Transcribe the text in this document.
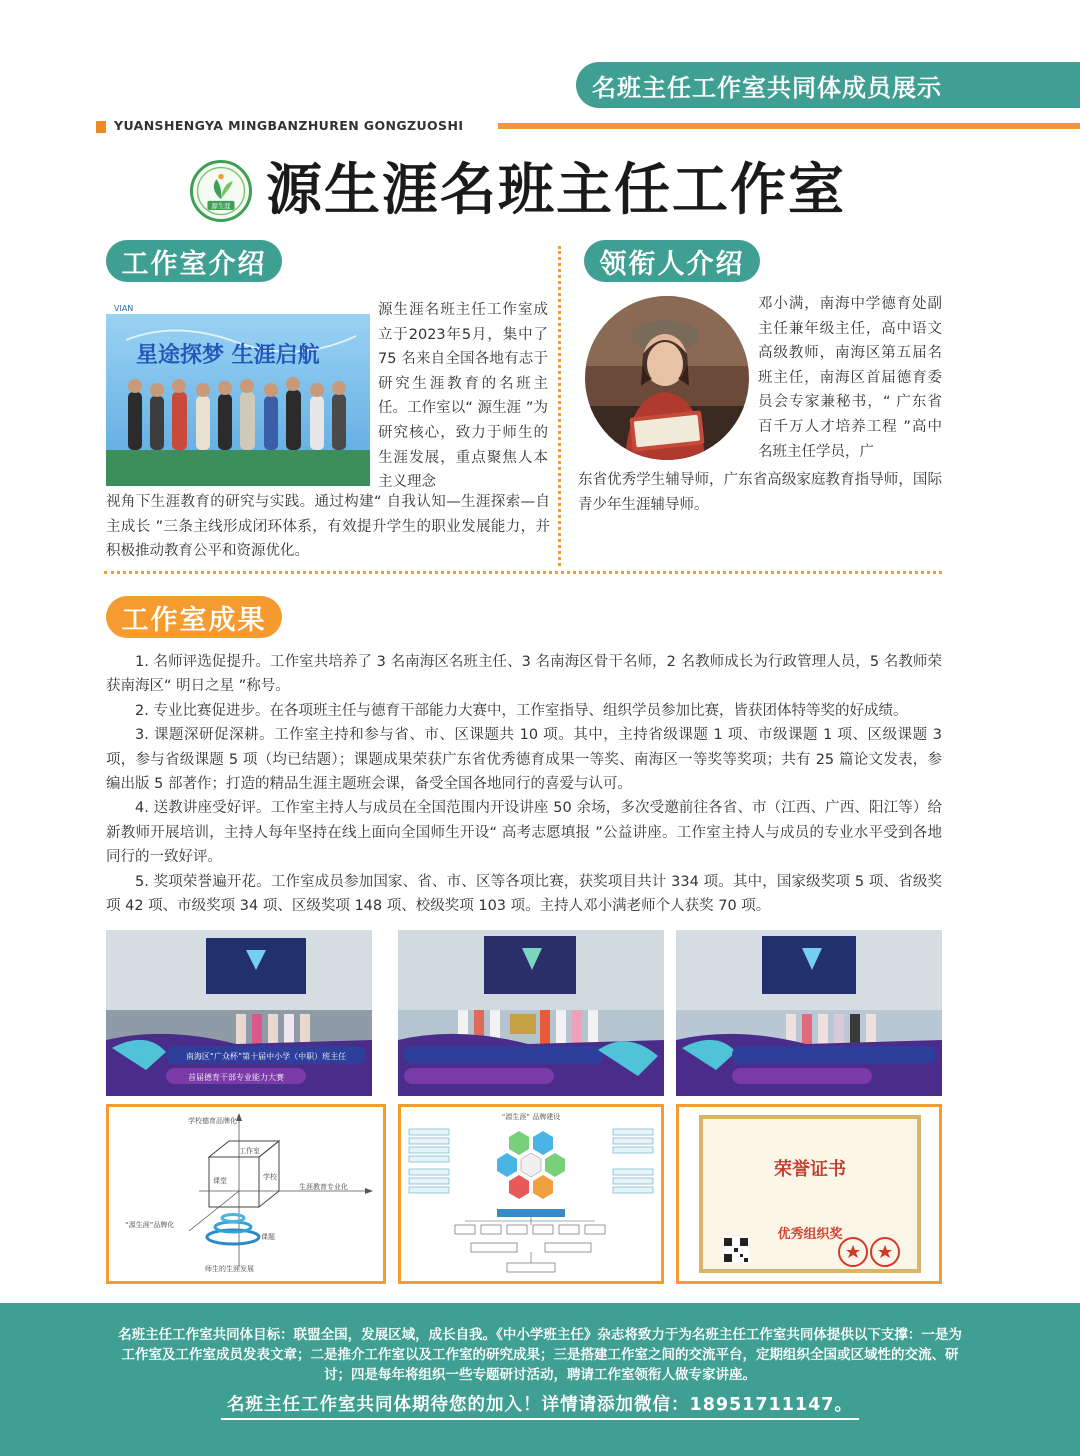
名班主任工作室共同体成员展示
YUANSHENGYA MINGBANZHUREN GONGZUOSHI
源生涯 源生涯名班主任工作室
工作室介绍
VIAN
星途探梦 生涯启航
源生涯名班主任工作室成立于2023年5月，集中了 75 名来自全国各地有志于研究生涯教育的名班主任。工作室以“ 源生涯 ”为研究核心，致力于师生的生涯发展，重点聚焦人本主义理念
视角下生涯教育的研究与实践。通过构建“ 自我认知—生涯探索—自主成长 ”三条主线形成闭环体系，有效提升学生的职业发展能力，并积极推动教育公平和资源优化。
领衔人介绍
邓小满，南海中学德育处副主任兼年级主任，高中语文高级教师，南海区第五届名班主任，南海区首届德育委员会专家兼秘书，“ 广东省百千万人才培养工程 ”高中名班主任学员，广
东省优秀学生辅导师，广东省高级家庭教育指导师，国际青少年生涯辅导师。
工作室成果

1. 名师评选促提升。工作室共培养了 3 名南海区名班主任、3 名南海区骨干名师，2 名教师成长为行政管理人员，5 名教师荣获南海区“ 明日之星 ”称号。

2. 专业比赛促进步。在各项班主任与德育干部能力大赛中，工作室指导、组织学员参加比赛，皆获团体特等奖的好成绩。

3. 课题深研促深耕。工作室主持和参与省、市、区课题共 10 项。其中，主持省级课题 1 项、市级课题 1 项、区级课题 3 项，参与省级课题 5 项（均已结题）；课题成果荣获广东省优秀德育成果一等奖、南海区一等奖等奖项；共有 25 篇论文发表，参编出版 5 部著作；打造的精品生涯主题班会课，备受全国各地同行的喜爱与认可。

4. 送教讲座受好评。工作室主持人与成员在全国范围内开设讲座 50 余场，多次受邀前往各省、市（江西、广西、阳江等）给新教师开展培训，主持人每年坚持在线上面向全国师生开设“ 高考志愿填报 ”公益讲座。工作室主持人与成员的专业水平受到各地同行的一致好评。

5. 奖项荣誉遍开花。工作室成员参加国家、省、市、区等各项比赛，获奖项目共计 334 项。其中，国家级奖项 5 项、省级奖项 42 项、市级奖项 34 项、区级奖项 148 项、校级奖项 103 项。主持人邓小满老师个人获奖 70 项。

南海区“广众杯”第十届中小学（中职）班主任
首届德育干部专业能力大赛
学校德育品牌化
生涯教育专业化
“源生涯”品牌化
工作室
课堂	学校
课题
师生的生涯发展
“源生涯” 品牌建设
荣誉证书
优秀组织奖
名班主任工作室共同体目标：联盟全国，发展区域，成长自我。《中小学班主任》杂志将致力于为名班主任工作室共同体提供以下支撑：一是为工作室及工作室成员发表文章；二是推介工作室以及工作室的研究成果；三是搭建工作室之间的交流平台，定期组织全国或区域性的交流、研讨；四是每年将组织一些专题研讨活动，聘请工作室领衔人做专家讲座。
名班主任工作室共同体期待您的加入！详情请添加微信：18951711147。
